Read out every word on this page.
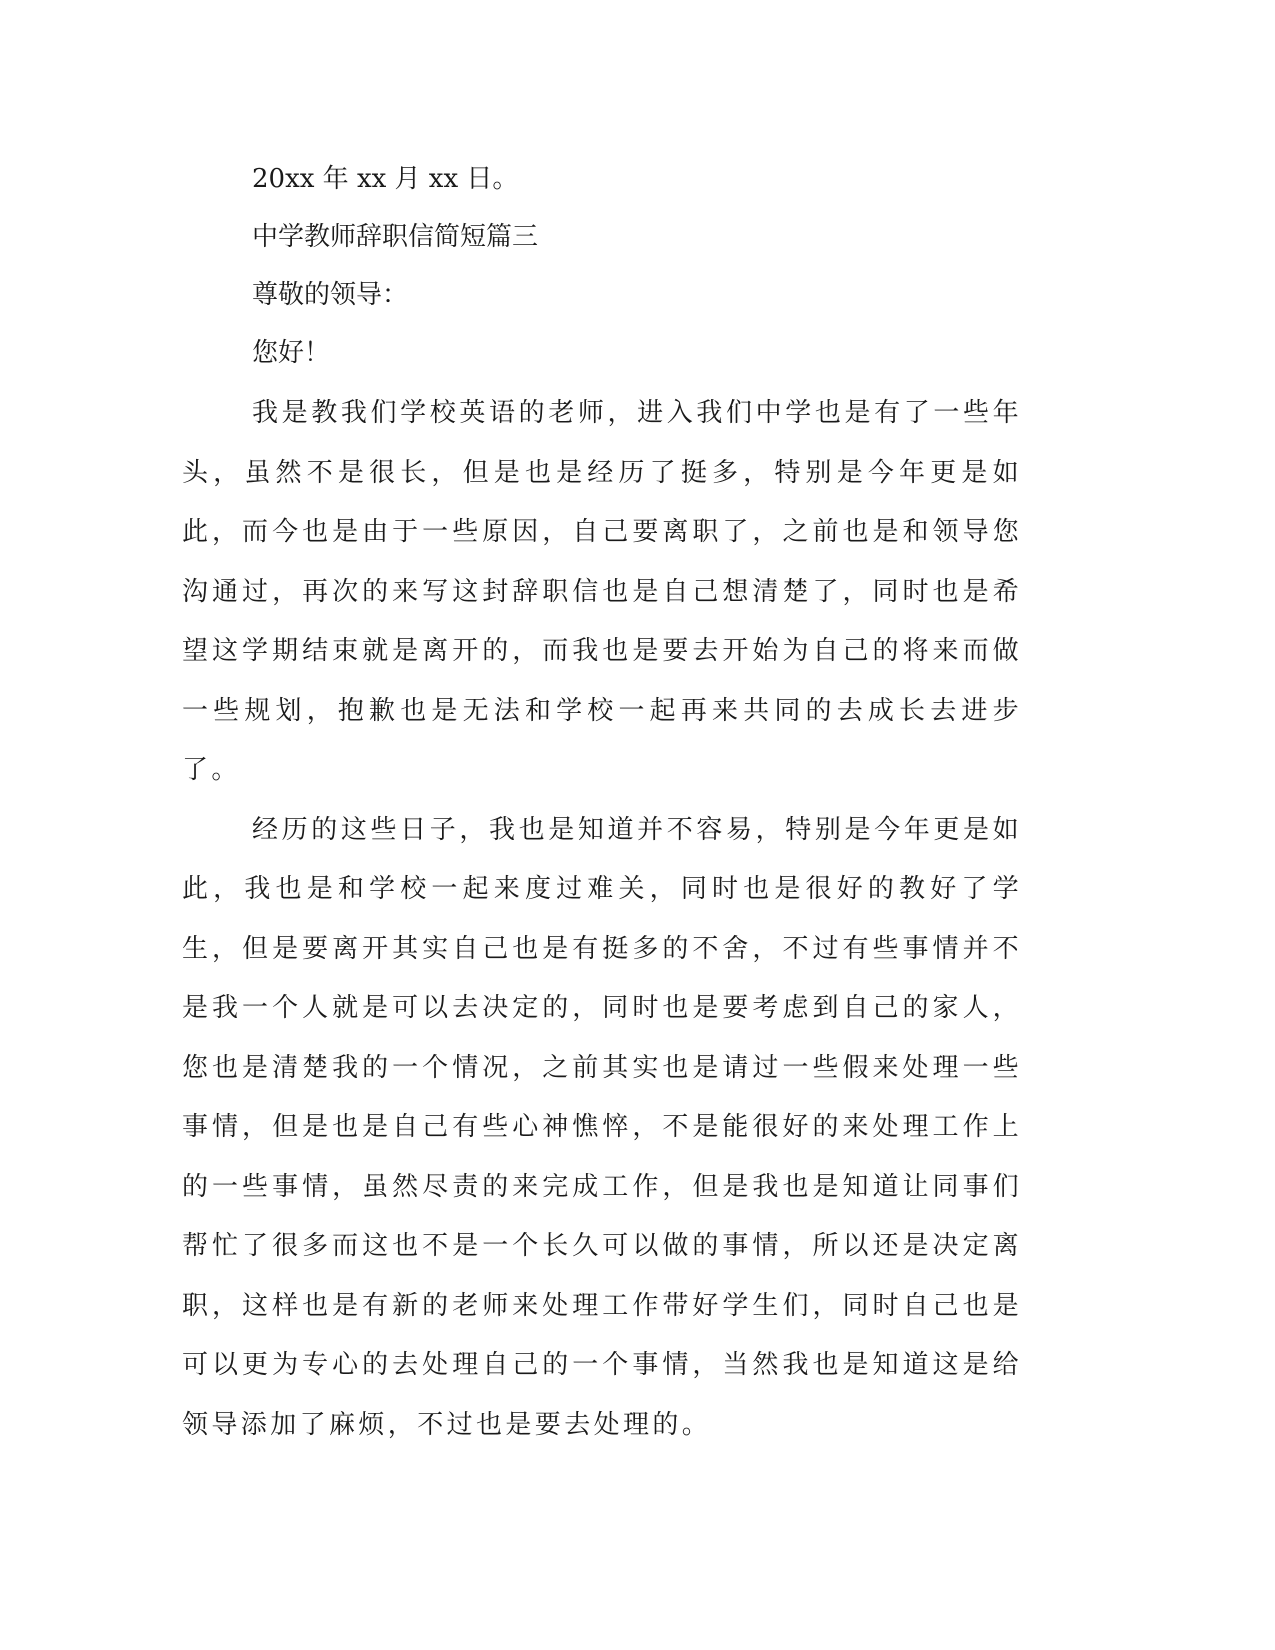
20xx 年 xx 月 xx 日。

中学教师辞职信简短篇三

尊敬的领导：

您好！

我是教我们学校英语的老师，进入我们中学也是有了一些年头，虽然不是很长，但是也是经历了挺多，特别是今年更是如此，而今也是由于一些原因，自己要离职了，之前也是和领导您沟通过，再次的来写这封辞职信也是自己想清楚了，同时也是希望这学期结束就是离开的，而我也是要去开始为自己的将来而做一些规划，抱歉也是无法和学校一起再来共同的去成长去进步了。

经历的这些日子，我也是知道并不容易，特别是今年更是如此，我也是和学校一起来度过难关，同时也是很好的教好了学生，但是要离开其实自己也是有挺多的不舍，不过有些事情并不是我一个人就是可以去决定的，同时也是要考虑到自己的家人，您也是清楚我的一个情况，之前其实也是请过一些假来处理一些事情，但是也是自己有些心神憔悴，不是能很好的来处理工作上的一些事情，虽然尽责的来完成工作，但是我也是知道让同事们帮忙了很多而这也不是一个长久可以做的事情，所以还是决定离职，这样也是有新的老师来处理工作带好学生们，同时自己也是可以更为专心的去处理自己的一个事情，当然我也是知道这是给领导添加了麻烦，不过也是要去处理的。
